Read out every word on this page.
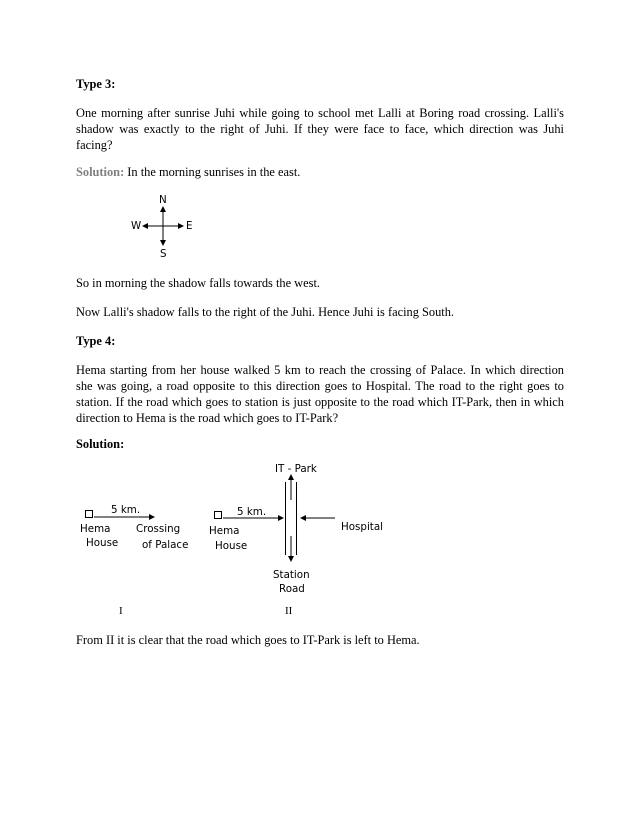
Type 3:
One morning after sunrise Juhi while going to school met Lalli at Boring road crossing. Lalli's
shadow was exactly to the right of Juhi. If they were face to face, which direction was Juhi
facing?
Solution: In the morning sunrises in the east.
N
S
E
W
So in morning the shadow falls towards the west.
Now Lalli's shadow falls to the right of the Juhi. Hence Juhi is facing South.
Type 4:
Hema starting from her house walked 5 km to reach the crossing of Palace. In which direction
she was going, a road opposite to this direction goes to Hospital. The road to the right goes to
station. If the road which goes to station is just opposite to the road which IT-Park, then in which
direction to Hema is the road which goes to IT-Park?
Solution:
5 km.
Hema
House
Crossing
of Palace
I
5 km.
Hema
House
IT - Park
Hospital
Station
Road
II
From II it is clear that the road which goes to IT-Park is left to Hema.
